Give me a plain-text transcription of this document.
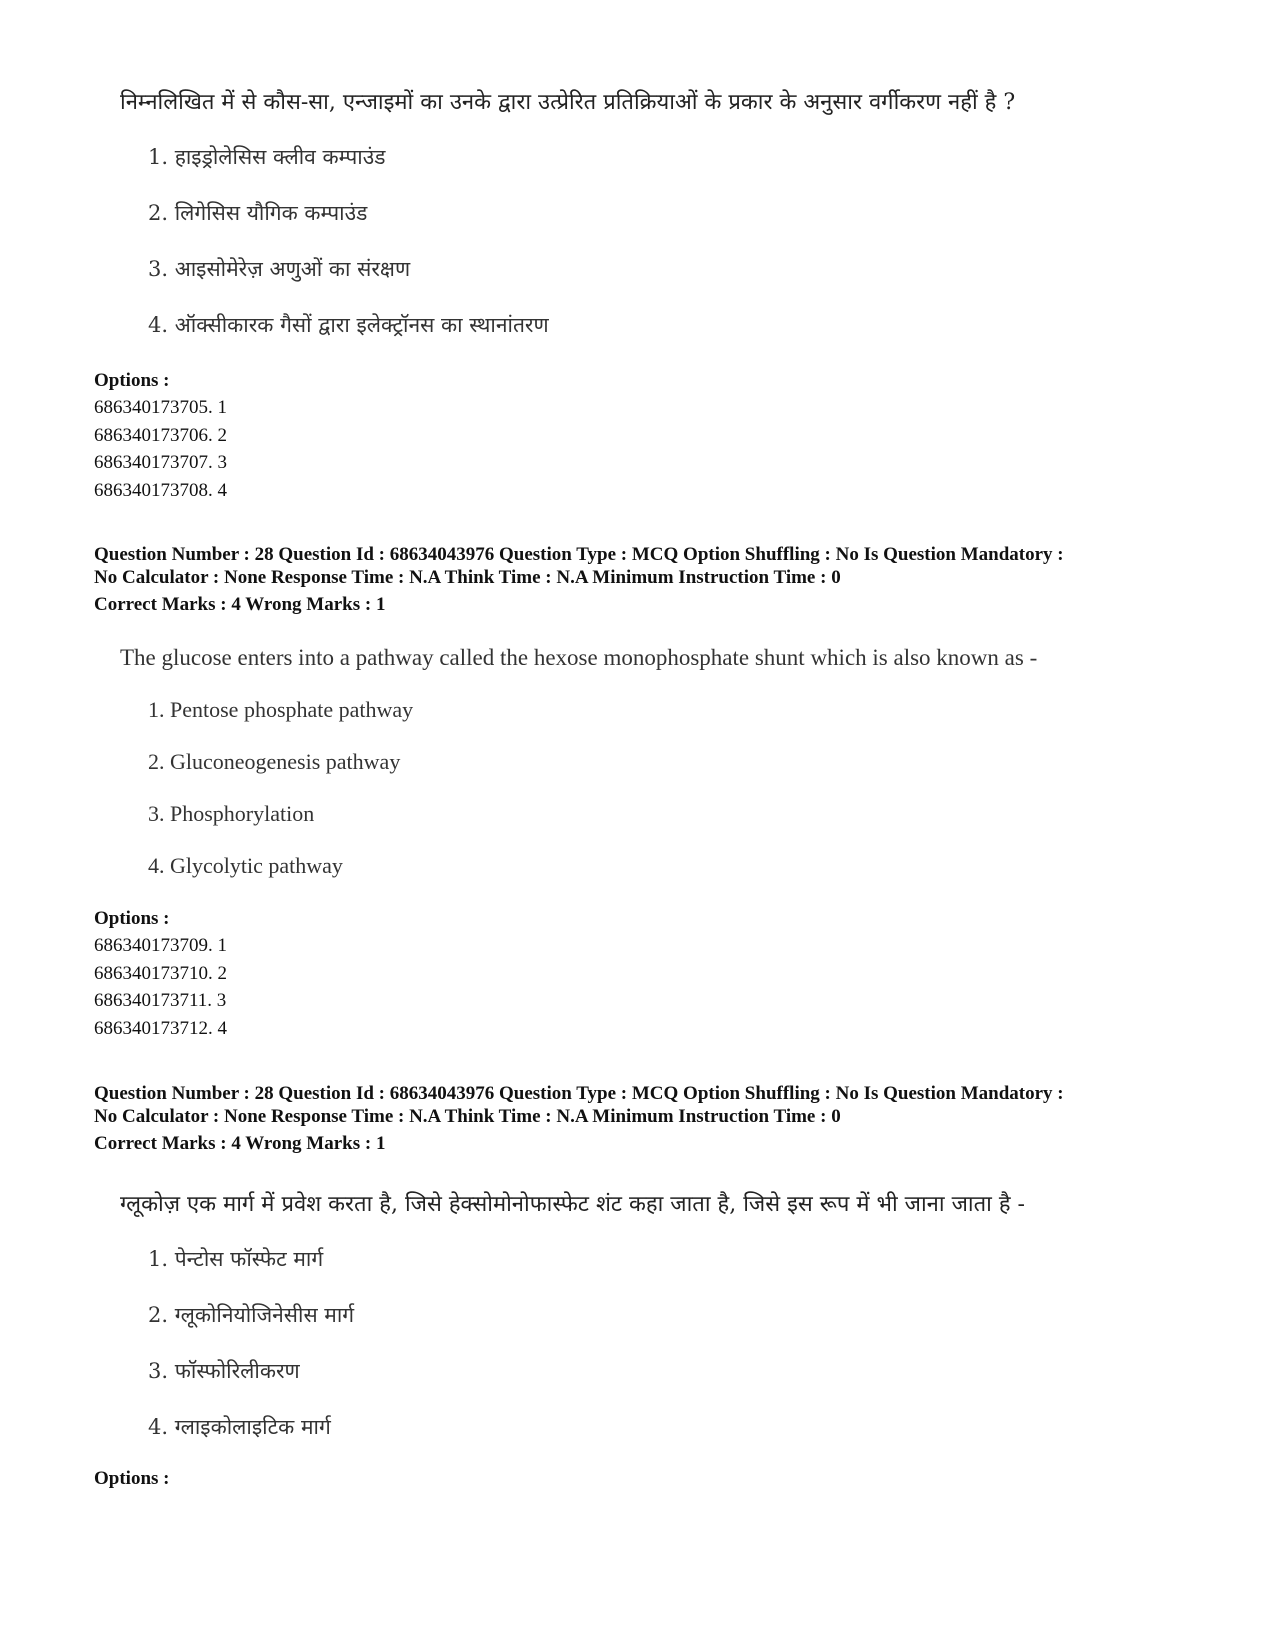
निम्नलिखित में से कौस-सा, एन्जाइमों का उनके द्वारा उत्प्रेरित प्रतिक्रियाओं के प्रकार के अनुसार वर्गीकरण नहीं है ?
1. हाइड्रोलेसिस क्लीव कम्पाउंड
2. लिगेसिस यौगिक कम्पाउंड
3. आइसोमेरेज़ अणुओं का संरक्षण
4. ऑक्सीकारक गैसों द्वारा इलेक्ट्रॉनस का स्थानांतरण
Options :
686340173705. 1
686340173706. 2
686340173707. 3
686340173708. 4
Question Number : 28 Question Id : 68634043976 Question Type : MCQ Option Shuffling : No Is Question Mandatory :
No Calculator : None Response Time : N.A Think Time : N.A Minimum Instruction Time : 0
Correct Marks : 4 Wrong Marks : 1
The glucose enters into a pathway called the hexose monophosphate shunt which is also known as -
1. Pentose phosphate pathway
2. Gluconeogenesis pathway
3. Phosphorylation
4. Glycolytic pathway
Options :
686340173709. 1
686340173710. 2
686340173711. 3
686340173712. 4
Question Number : 28 Question Id : 68634043976 Question Type : MCQ Option Shuffling : No Is Question Mandatory :
No Calculator : None Response Time : N.A Think Time : N.A Minimum Instruction Time : 0
Correct Marks : 4 Wrong Marks : 1
ग्लूकोज़ एक मार्ग में प्रवेश करता है, जिसे हेक्सोमोनोफास्फेट शंट कहा जाता है, जिसे इस रूप में भी जाना जाता है -
1. पेन्टोस फॉस्फेट मार्ग
2. ग्लूकोनियोजिनेसीस मार्ग
3. फॉस्फोरिलीकरण
4. ग्लाइकोलाइटिक मार्ग
Options :
